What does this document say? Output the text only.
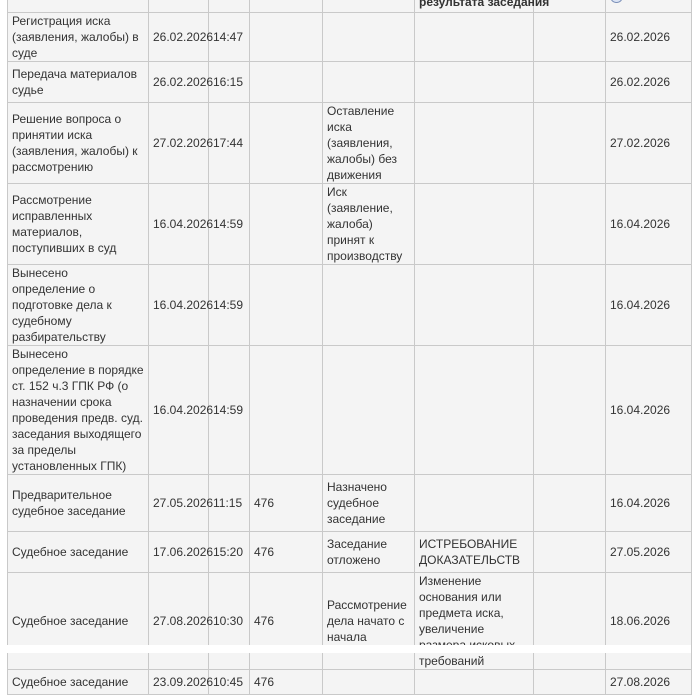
					результата заседания		
Регистрация иска (заявления, жалобы) в суде	26.02.2026	14:47					26.02.2026
Передача материалов судье	26.02.2026	16:15					26.02.2026
Решение вопроса о принятии иска (заявления, жалобы) к рассмотрению	27.02.2026	17:44		Оставление иска (заявления, жалобы) без движения			27.02.2026
Рассмотрение исправленных материалов, поступивших в суд	16.04.2026	14:59		Иск (заявление, жалоба) принят к производству			16.04.2026
Вынесено определение о подготовке дела к судебному разбирательству	16.04.2026	14:59					16.04.2026
Вынесено определение в порядке ст. 152 ч.3 ГПК РФ (о назначении срока проведения предв. суд. заседания выходящего за пределы установленных ГПК)	16.04.2026	14:59					16.04.2026
Предварительное судебное заседание	27.05.2026	11:15	476	Назначено судебное заседание			16.04.2026
Судебное заседание	17.06.2026	15:20	476	Заседание отложено	ИСТРЕБОВАНИЕ ДОКАЗАТЕЛЬСТВ		27.05.2026
Судебное заседание	27.08.2026	10:30	476	Рассмотрение дела начато с начала	Изменение основания или предмета иска, увеличение требований		18.06.2026
Судебное заседание	23.09.2026	10:45	476				27.08.2026
